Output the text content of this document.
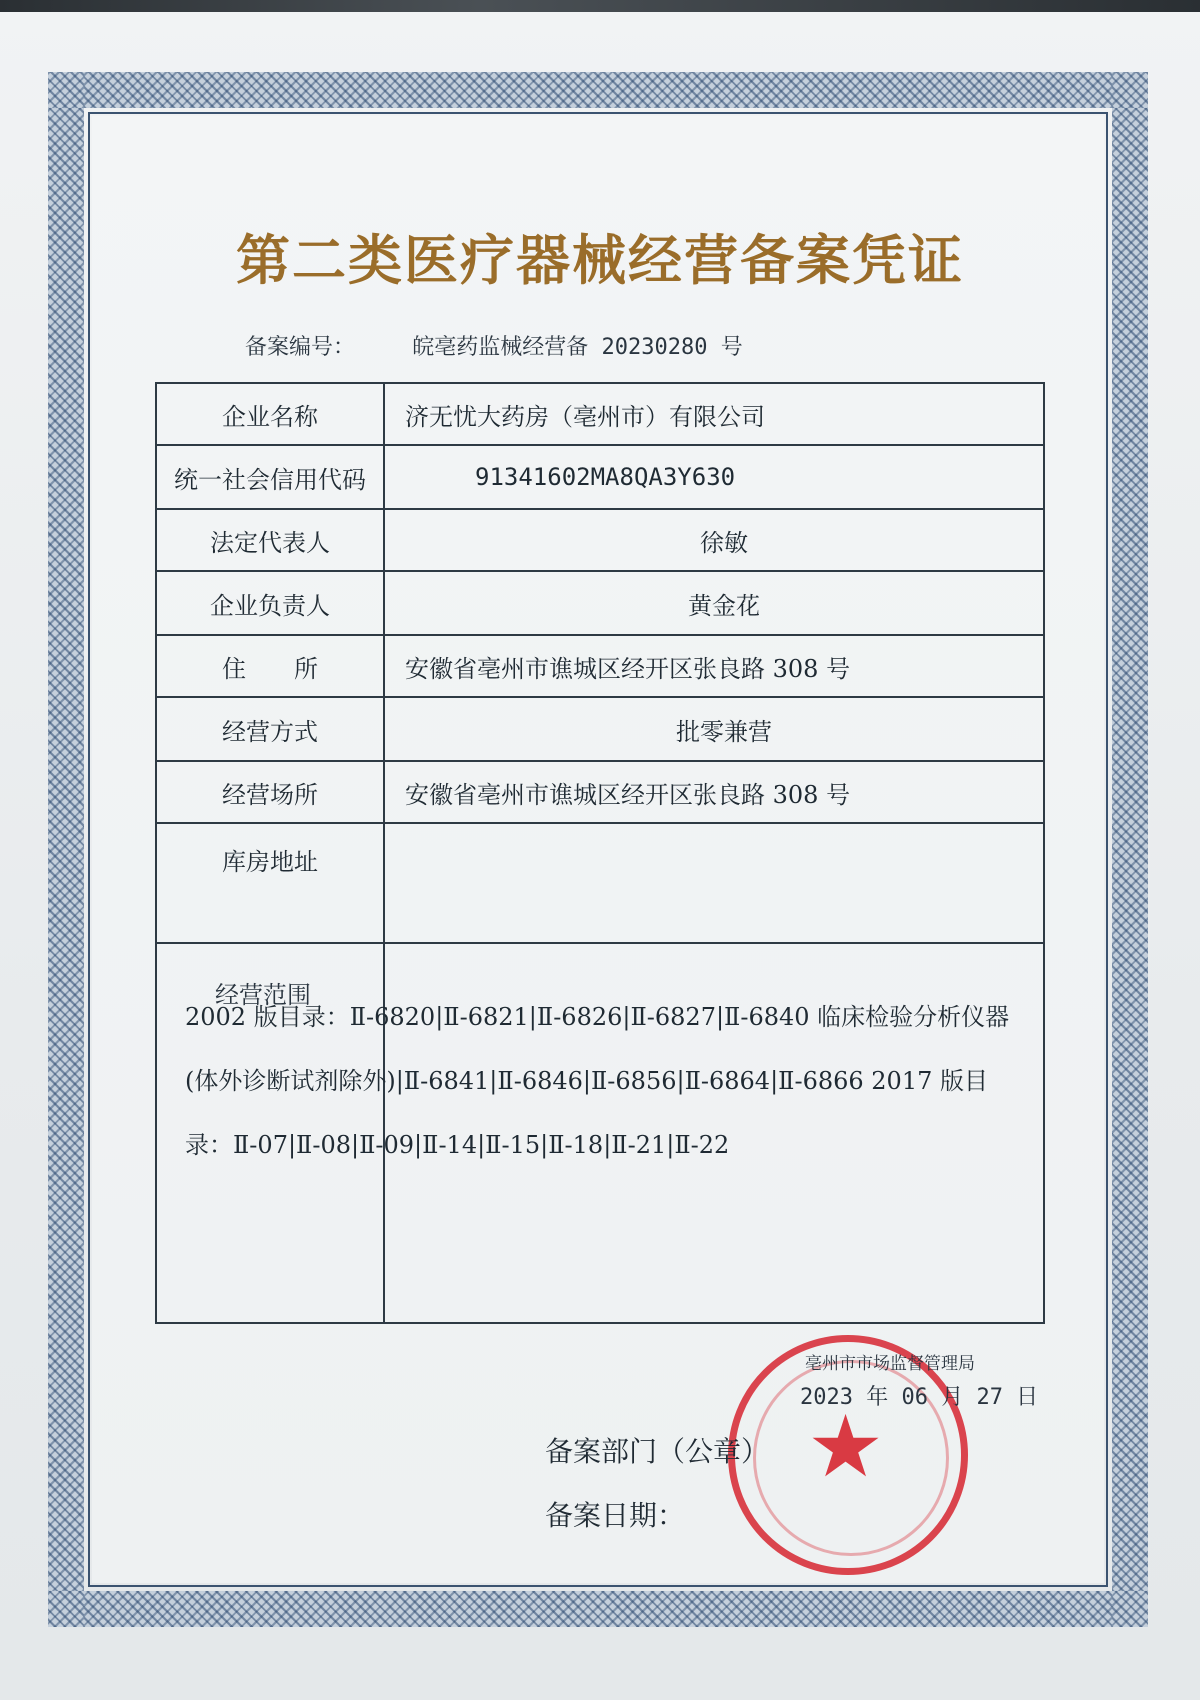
第二类医疗器械经营备案凭证
备案编号：	皖亳药监械经营备 20230280 号
企业名称	济无忧大药房（亳州市）有限公司
统一社会信用代码	91341602MA8QA3Y630
法定代表人	徐敏
企业负责人	黄金花
住　　所	安徽省亳州市谯城区经开区张良路 308 号
经营方式	批零兼营
经营场所	安徽省亳州市谯城区经开区张良路 308 号
库房地址	

经营范围
2002 版目录：Ⅱ-6820|Ⅱ-6821|Ⅱ-6826|Ⅱ-6827|Ⅱ-6840 临床检验分析仪器(体外诊断试剂除外)|Ⅱ-6841|Ⅱ-6846|Ⅱ-6856|Ⅱ-6864|Ⅱ-6866 2017 版目录：Ⅱ-07|Ⅱ-08|Ⅱ-09|Ⅱ-14|Ⅱ-15|Ⅱ-18|Ⅱ-21|Ⅱ-22
★
亳州市市场监督管理局
2023 年 06 月 27 日
备案部门（公章）
备案日期：
